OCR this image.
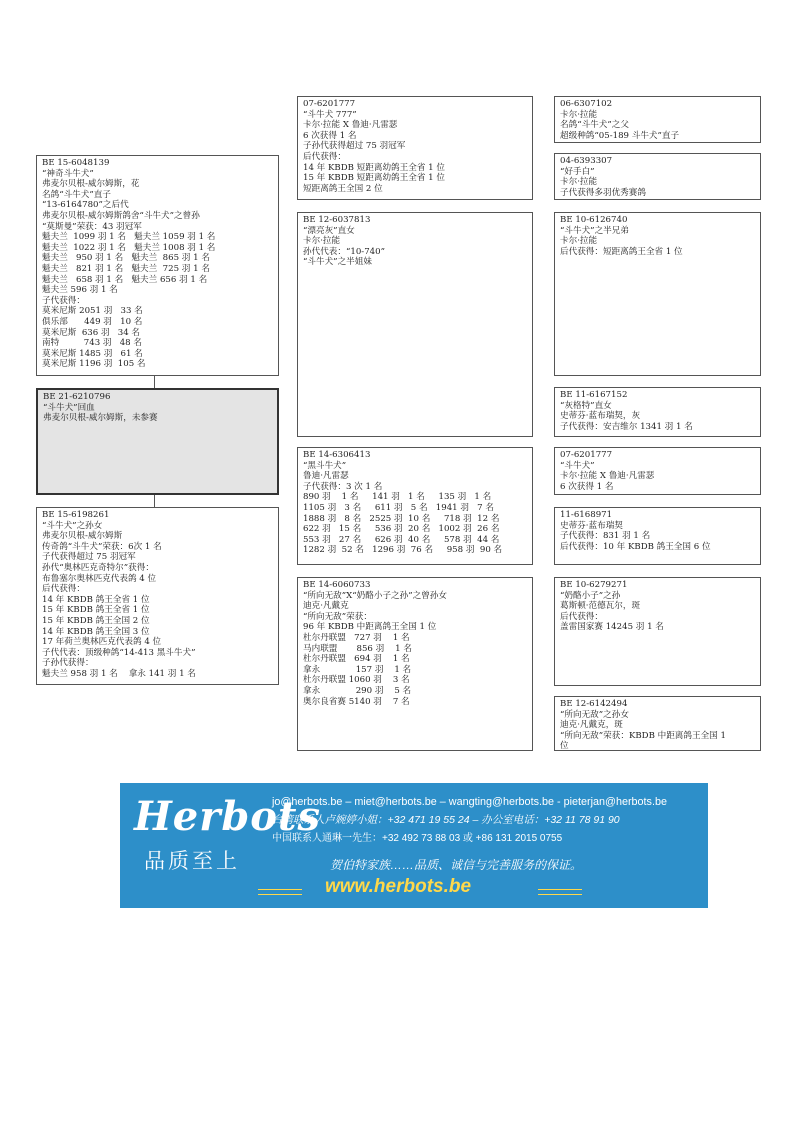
BE 15-6048139
“神奇斗牛犬”
弗麦尔贝根-威尔姆斯，花
名鸽“斗牛犬”直子
“13-6164780”之后代
弗麦尔贝根-威尔姆斯鸽舍“斗牛犬”之曾孙
“莫斯曼”荣获：43 羽冠军
魁夫兰  1099 羽 1 名   魁夫兰 1059 羽 1 名
魁夫兰  1022 羽 1 名   魁夫兰 1008 羽 1 名
魁夫兰   950 羽 1 名   魁夫兰  865 羽 1 名
魁夫兰   821 羽 1 名   魁夫兰  725 羽 1 名
魁夫兰   658 羽 1 名   魁夫兰 656 羽 1 名
魁夫兰 596 羽 1 名
子代获得：
莫米尼斯 2051 羽   33 名
俱乐部      449 羽   10 名
莫米尼斯  636 羽   34 名
南特         743 羽   48 名
莫米尼斯 1485 羽   61 名
莫米尼斯 1196 羽  105 名
BE 21-6210796
“斗牛犬”回血
弗麦尔贝根-威尔姆斯，未参赛
BE 15-6198261
“斗牛犬”之孙女
弗麦尔贝根-威尔姆斯
传奇鸽“斗牛犬”荣获：6次 1 名
子代获得超过 75 羽冠军
孙代“奥林匹克奇特尔”获得：
布鲁塞尔奥林匹克代表鸽 4 位
后代获得：
14 年 KBDB 鸽王全省 1 位
15 年 KBDB 鸽王全省 1 位
15 年 KBDB 鸽王全国 2 位
14 年 KBDB 鸽王全国 3 位
17 年荷兰奥林匹克代表鸽 4 位
子代代表：顶级种鸽“14-413 黑斗牛犬”
子孙代获得：
魁夫兰 958 羽 1 名    拿永 141 羽 1 名
07-6201777
“斗牛犬 777”
卡尔·拉能 X 鲁迪·凡雷瑟
6 次获得 1 名
子孙代获得超过 75 羽冠军
后代获得：
14 年 KBDB 短距离幼鸽王全省 1 位
15 年 KBDB 短距离幼鸽王全省 1 位
短距离鸽王全国 2 位
BE 12-6037813
“漂亮灰”直女
卡尔·拉能
孙代代表：“10-740”
“斗牛犬”之半姐妹
BE 14-6306413
“黑斗牛犬”
鲁迪·凡雷瑟
子代获得：3 次 1 名
890 羽    1 名     141 羽   1 名     135 羽   1 名
1105 羽   3 名     611 羽   5 名   1941 羽   7 名
1888 羽   8 名   2525 羽  10 名     718 羽  12 名
622 羽   15 名     536 羽  20 名   1002 羽  26 名
553 羽   27 名     626 羽  40 名     578 羽  44 名
1282 羽  52 名   1296 羽  76 名     958 羽  90 名
BE 14-6060733
“所向无敌”X“奶酪小子之孙”之曾孙女
迪克·凡戴克
“所向无敌”荣获：
96 年 KBDB 中距离鸽王全国 1 位
杜尔丹联盟   727 羽    1 名
马内联盟       856 羽    1 名
杜尔丹联盟   694 羽    1 名
拿永             157 羽    1 名
杜尔丹联盟 1060 羽    3 名
拿永             290 羽    5 名
奥尔良省赛 5140 羽    7 名
06-6307102
卡尔·拉能
名鸽“斗牛犬”之父
超级种鸽“05-189 斗牛犬”直子
04-6393307
“好手白”
卡尔·拉能
子代获得多羽优秀赛鸽
BE 10-6126740
“斗牛犬”之半兄弟
卡尔·拉能
后代获得：短距离鸽王全省 1 位
BE 11-6167152
“灰格特”直女
史蒂芬·蓝布瑞契，灰
子代获得：安吉维尔 1341 羽 1 名
07-6201777
“斗牛犬”
卡尔·拉能 X 鲁迪·凡雷瑟
6 次获得 1 名
11-6168971
史蒂芬·蓝布瑞契
子代获得：831 羽 1 名
后代获得：10 年 KBDB 鸽王全国 6 位
BE 10-6279271
“奶酪小子”之孙
葛斯顿·范德瓦尔，斑
后代获得：
盖雷国家赛 14245 羽 1 名
BE 12-6142494
“所向无敌”之孙女
迪克·凡戴克，斑
“所向无敌”荣获：KBDB 中距离鸽王全国 1
位
Herbots
品质至上
jo@herbots.be – miet@herbots.be – wangting@herbots.be - pieterjan@herbots.be
台湾联系人卢婉婷小姐：+32 471 19 55 24 – 办公室电话：+32 11 78 91 90
中国联系人通琳一先生：+32 492 73 88 03 或 +86 131 2015 0755
贺伯特家族……品质、诚信与完善服务的保证。
www.herbots.be
